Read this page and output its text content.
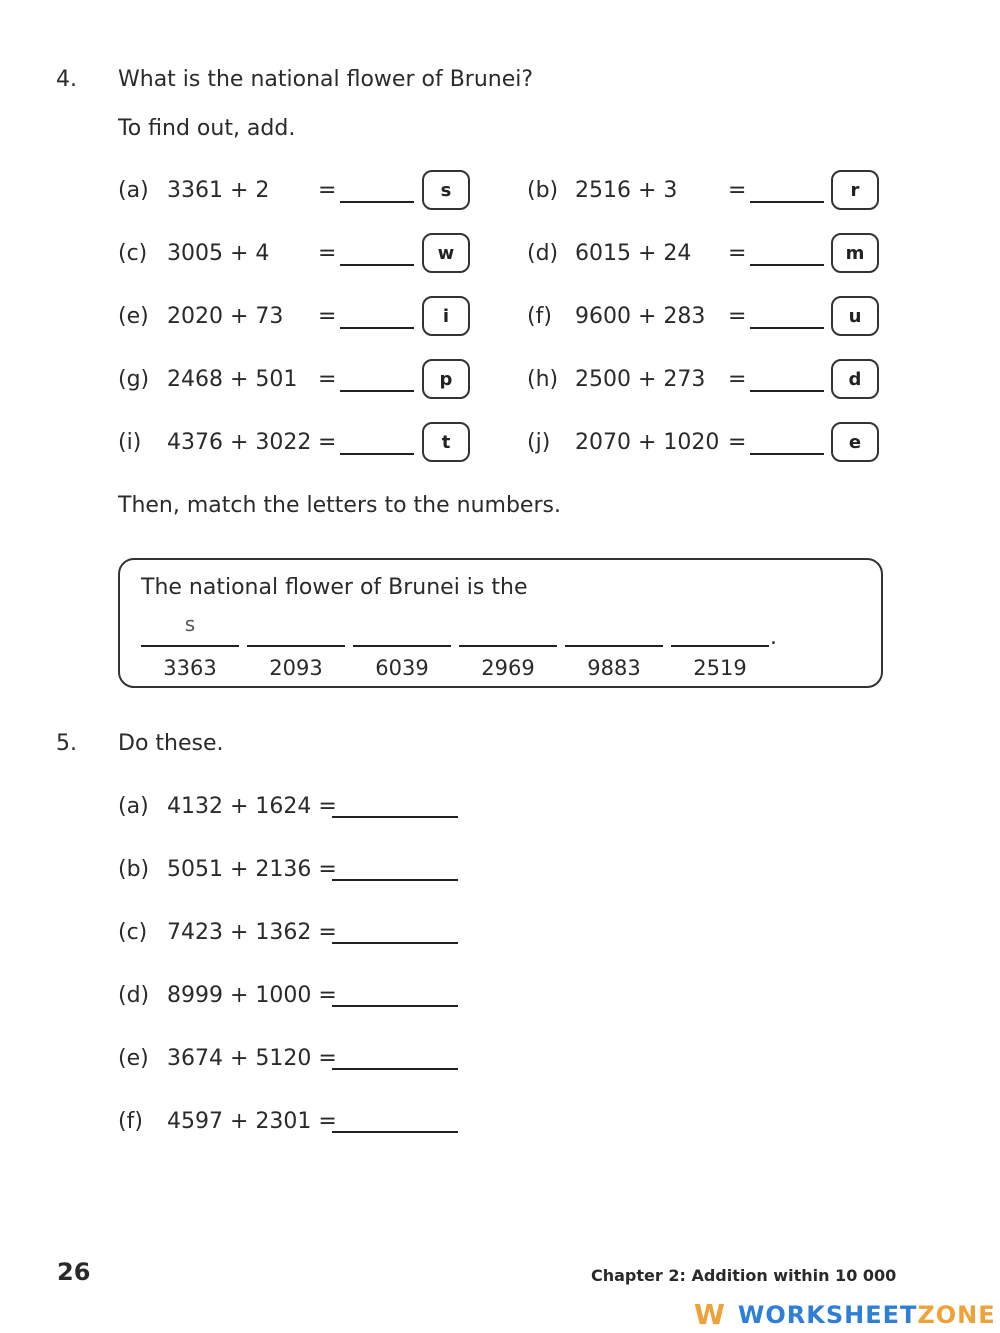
4. What is the national flower of Brunei?
To find out, add.
(a) 3361 + 2 =	s
(c) 3005 + 4 =	w
(e) 2020 + 73 =	i
(g) 2468 + 501 =	p
(i) 4376 + 3022 =	t
(b) 2516 + 3 =	r
(d) 6015 + 24 =	m
(f) 9600 + 283 =	u
(h) 2500 + 273 =	d
(j) 2070 + 1020 =	e
Then, match the letters to the numbers.
The national flower of Brunei is the
s
3363	2093	6039	2969	9883	2519
.
5. Do these.
(a) 4132 + 1624 =
(b) 5051 + 2136 =
(c) 7423 + 1362 =
(d) 8999 + 1000 =
(e) 3674 + 5120 =
(f) 4597 + 2301 =
26	Chapter 2: Addition within 10 000
W WORKSHEET ZONE
